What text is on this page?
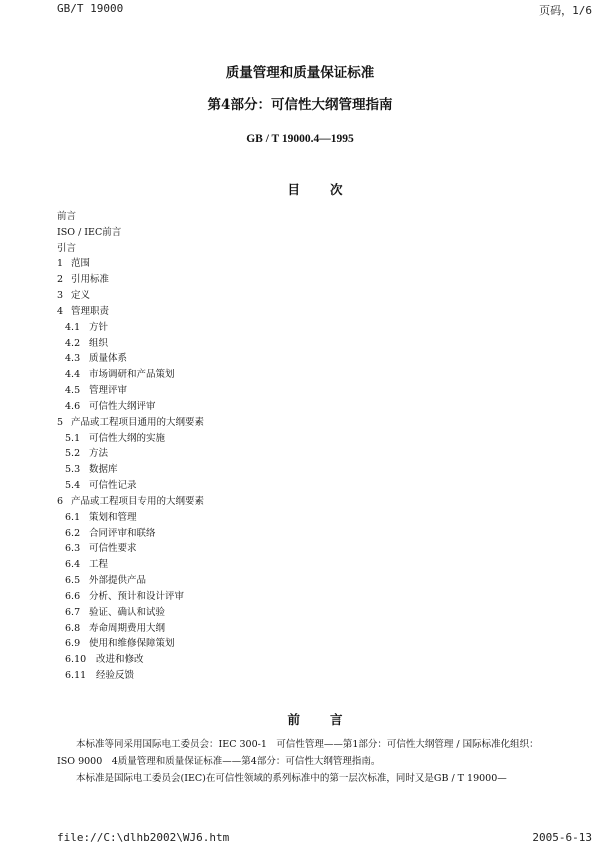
GB/T 19000	页码，1/6
质量管理和质量保证标准
第4部分：可信性大纲管理指南
GB / T 19000.4—1995
目次
前言
ISO / IEC前言
引言
1 范围
2 引用标准
3 定义
4 管理职责
4.1 方针
4.2 组织
4.3 质量体系
4.4 市场调研和产品策划
4.5 管理评审
4.6 可信性大纲评审
5 产品或工程项目通用的大纲要素
5.1 可信性大纲的实施
5.2 方法
5.3 数据库
5.4 可信性记录
6 产品或工程项目专用的大纲要素
6.1 策划和管理
6.2 合同评审和联络
6.3 可信性要求
6.4 工程
6.5 外部提供产品
6.6 分析、预计和设计评审
6.7 验证、确认和试验
6.8 寿命周期费用大纲
6.9 使用和维修保障策划
6.10 改进和修改
6.11 经验反馈
前言
本标准等同采用国际电工委员会：IEC 300-1　可信性管理——第1部分：可信性大纲管理 / 国际标准化组织：ISO 9000　4质量管理和质量保证标准——第4部分：可信性大纲管理指南。
本标准是国际电工委员会(IEC)在可信性领域的系列标准中的第一层次标准，同时又是GB / T 19000—
file://C:\dlhb2002\WJ6.htm	2005-6-13
